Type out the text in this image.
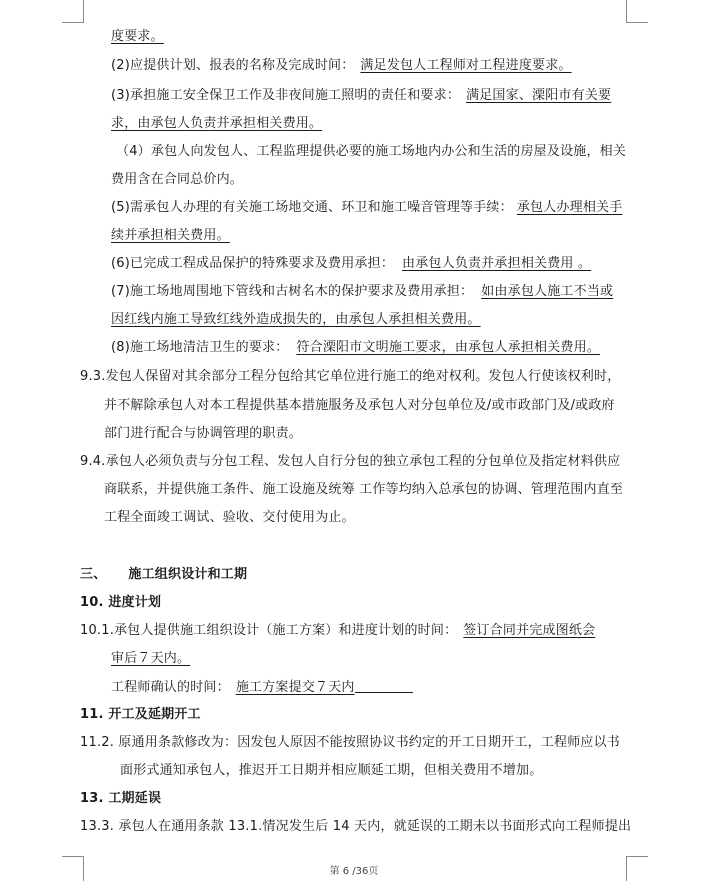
度要求。
(2)应提供计划、报表的名称及完成时间： 满足发包人工程师对工程进度要求。
(3)承担施工安全保卫工作及非夜间施工照明的责任和要求： 满足国家、溧阳市有关要
求，由承包人负责并承担相关费用。
（4）承包人向发包人、工程监理提供必要的施工场地内办公和生活的房屋及设施，相关
费用含在合同总价内。
(5)需承包人办理的有关施工场地交通、环卫和施工噪音管理等手续： 承包人办理相关手
续并承担相关费用。
(6)已完成工程成品保护的特殊要求及费用承担： 由承包人负责并承担相关费用 。
(7)施工场地周围地下管线和古树名木的保护要求及费用承担： 如由承包人施工不当或
因红线内施工导致红线外造成损失的，由承包人承担相关费用。
(8)施工场地清洁卫生的要求： 符合溧阳市文明施工要求，由承包人承担相关费用。
9.3.发包人保留对其余部分工程分包给其它单位进行施工的绝对权利。发包人行使该权利时，
并不解除承包人对本工程提供基本措施服务及承包人对分包单位及/或市政部门及/或政府
部门进行配合与协调管理的职责。
9.4.承包人必须负责与分包工程、发包人自行分包的独立承包工程的分包单位及指定材料供应
商联系，并提供施工条件、施工设施及统筹 工作等均纳入总承包的协调、管理范围内直至
工程全面竣工调试、验收、交付使用为止。
三、 施工组织设计和工期
10. 进度计划
10.1.承包人提供施工组织设计（施工方案）和进度计划的时间： 签订合同并完成图纸会
审后７天内。
工程师确认的时间： 施工方案提交７天内
11. 开工及延期开工
11.2. 原通用条款修改为：因发包人原因不能按照协议书约定的开工日期开工，工程师应以书
面形式通知承包人，推迟开工日期并相应顺延工期，但相关费用不增加。
13. 工期延误
13.3. 承包人在通用条款 13.1.情况发生后 14 天内，就延误的工期未以书面形式向工程师提出
第 6 /36页
